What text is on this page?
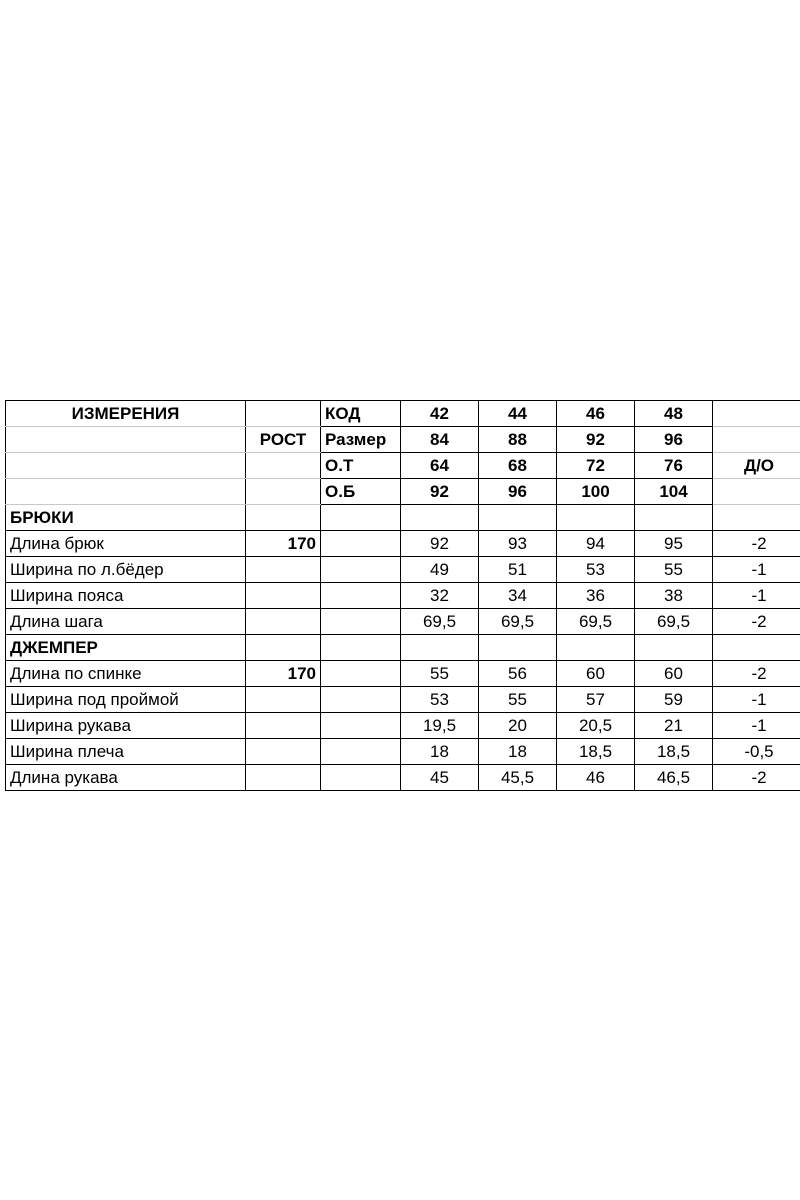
ИЗМЕРЕНИЯ		КОД	42	44	46	48	
	РОСТ	Размер	84	88	92	96	
		О.Т	64	68	72	76	Д/О
		О.Б	92	96	100	104	
БРЮКИ							
Длина брюк	170		92	93	94	95	-2
Ширина по л.бёдер			49	51	53	55	-1
Ширина пояса			32	34	36	38	-1
Длина шага			69,5	69,5	69,5	69,5	-2
ДЖЕМПЕР							
Длина по спинке	170		55	56	60	60	-2
Ширина под проймой			53	55	57	59	-1
Ширина рукава			19,5	20	20,5	21	-1
Ширина плеча			18	18	18,5	18,5	-0,5
Длина рукава			45	45,5	46	46,5	-2
